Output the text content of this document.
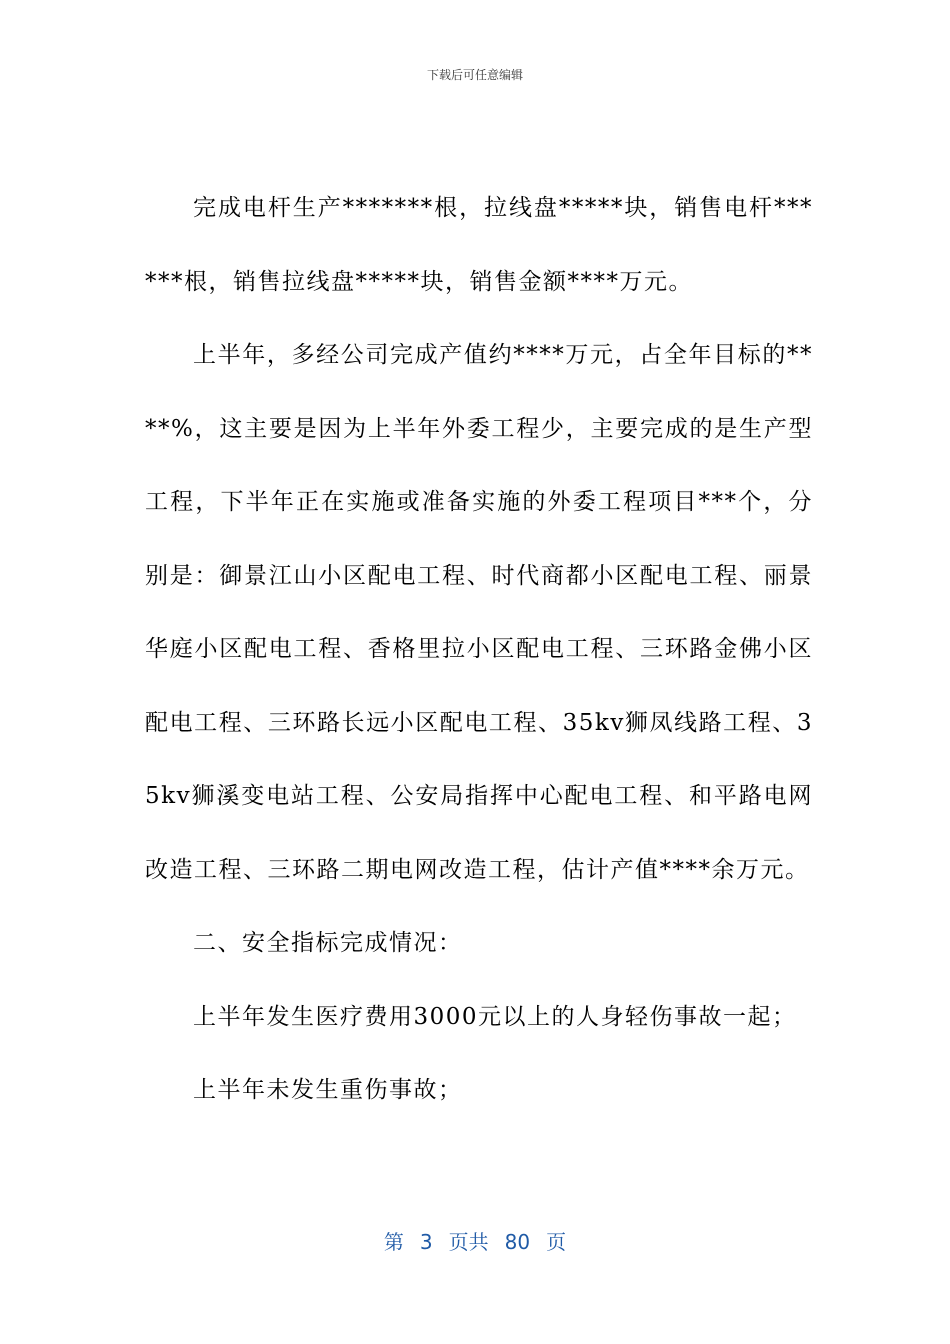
下载后可任意编辑

完成电杆生产*******根，拉线盘*****块，销售电杆******根，销售拉线盘*****块，销售金额****万元。

上半年，多经公司完成产值约****万元，占全年目标的****%，这主要是因为上半年外委工程少，主要完成的是生产型工程，下半年正在实施或准备实施的外委工程项目***个，分别是：御景江山小区配电工程、时代商都小区配电工程、丽景华庭小区配电工程、香格里拉小区配电工程、三环路金佛小区配电工程、三环路长远小区配电工程、35kv狮凤线路工程、35kv狮溪变电站工程、公安局指挥中心配电工程、和平路电网改造工程、三环路二期电网改造工程，估计产值****余万元。

二、安全指标完成情况：

上半年发生医疗费用3000元以上的人身轻伤事故一起；

上半年未发生重伤事故；

第 3 页共 80 页
